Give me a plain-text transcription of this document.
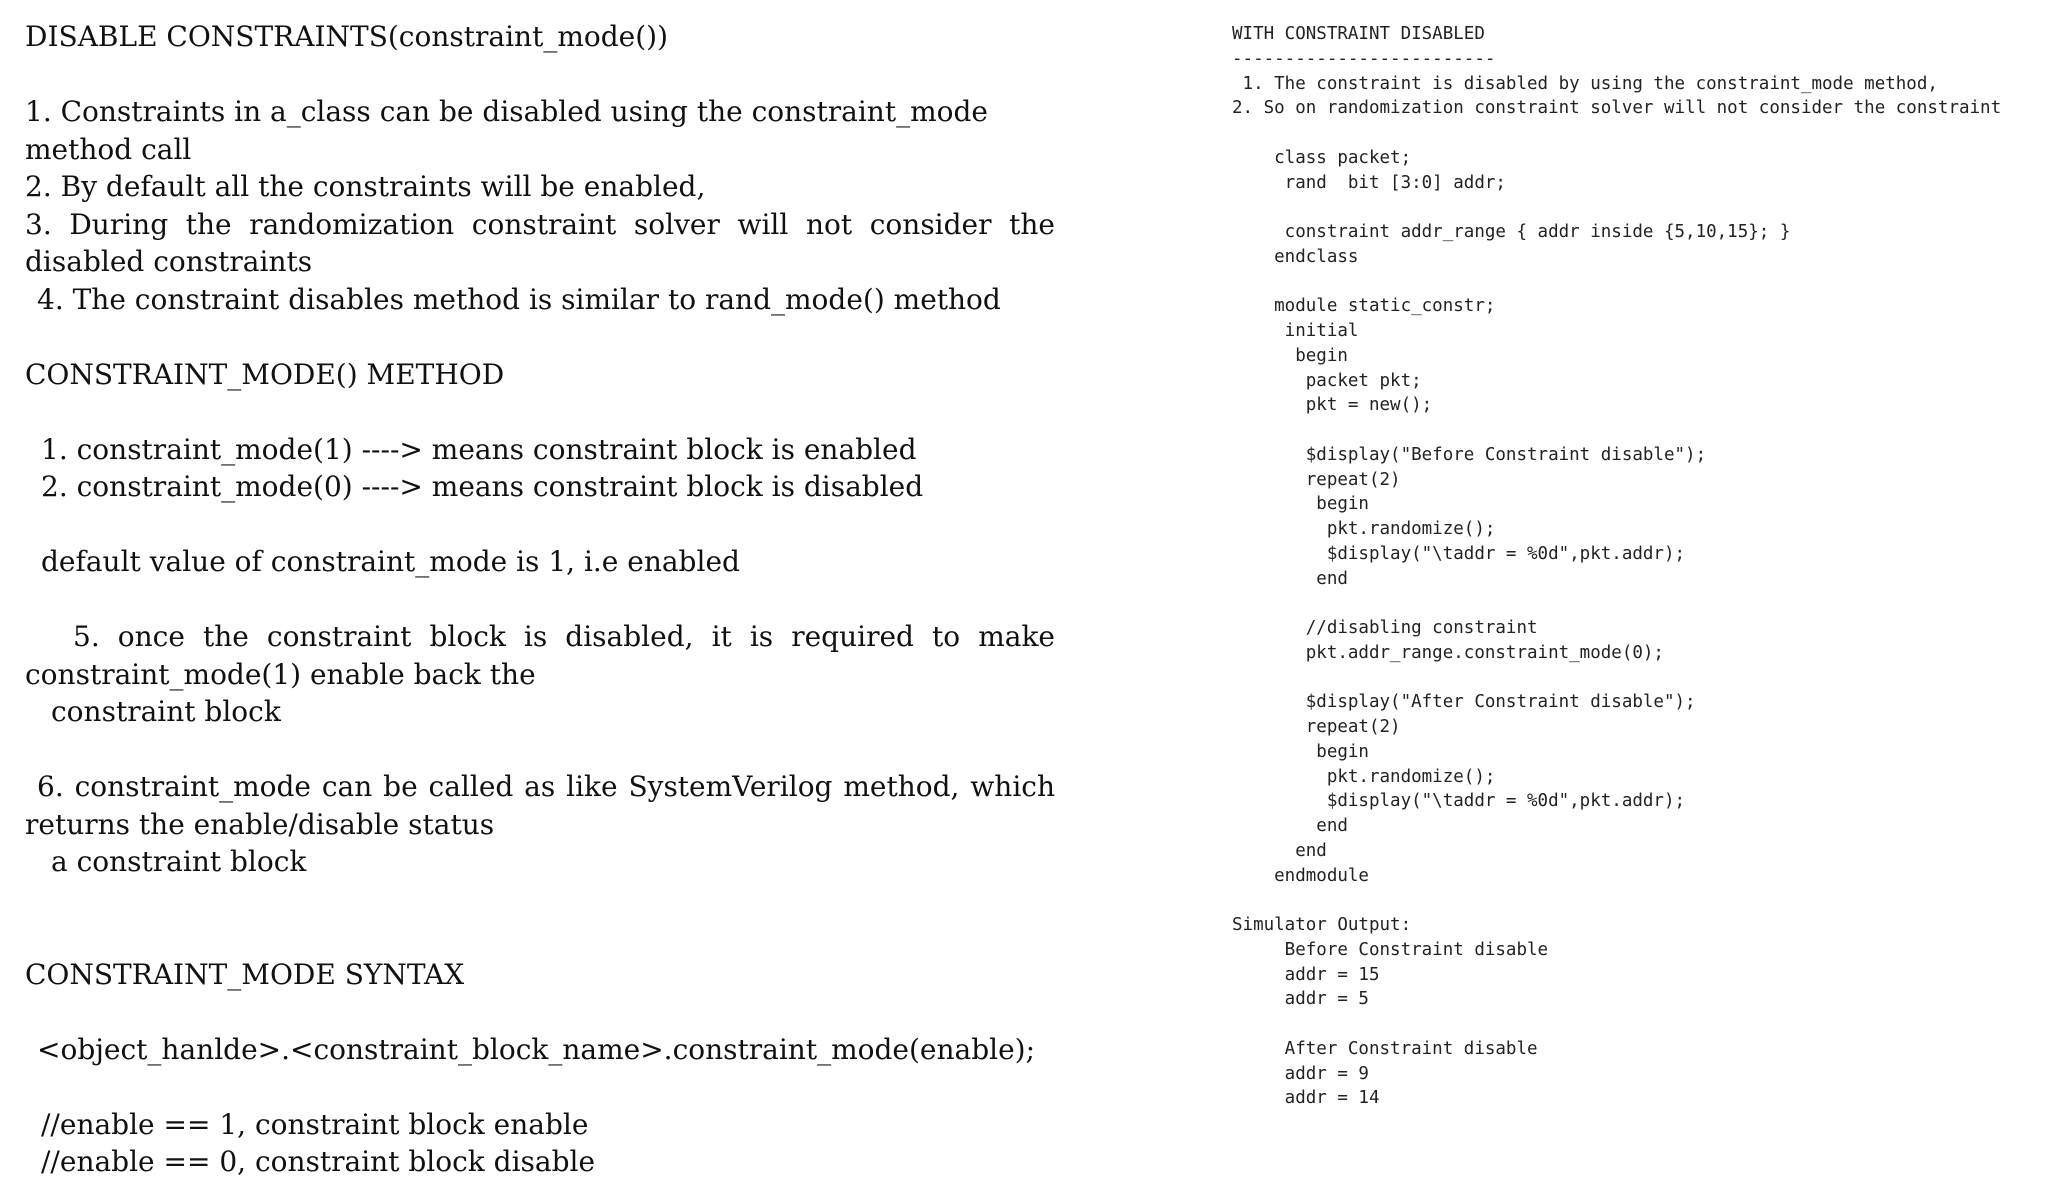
DISABLE CONSTRAINTS(constraint_mode())

1. Constraints in a_class can be disabled using the constraint_mode method call

2. By default all the constraints will be enabled,

3. During the randomization constraint solver will not consider the disabled constraints

4. The constraint disables method is similar to rand_mode() method

CONSTRAINT_MODE() METHOD

1. constraint_mode(1) ----> means constraint block is enabled

2. constraint_mode(0) ----> means constraint block is disabled

default value of constraint_mode is 1, i.e enabled

5. once the constraint block is disabled, it is required to make constraint_mode(1) enable back the

constraint block

6. constraint_mode can be called as like SystemVerilog method, which returns the enable/disable status

a constraint block

CONSTRAINT_MODE SYNTAX

<object_hanlde>.<constraint_block_name>.constraint_mode(enable);

//enable == 1, constraint block enable

//enable == 0, constraint block disable

WITH CONSTRAINT DISABLED
-------------------------
1. The constraint is disabled by using the constraint_mode method,
2. So on randomization constraint solver will not consider the constraint

class packet;
rand  bit [3:0] addr;

constraint addr_range { addr inside {5,10,15}; }
endclass

module static_constr;
initial
begin
packet pkt;
pkt = new();

$display("Before Constraint disable");
repeat(2)
begin
pkt.randomize();
$display("\taddr = %0d",pkt.addr);
end

//disabling constraint
pkt.addr_range.constraint_mode(0);

$display("After Constraint disable");
repeat(2)
begin
pkt.randomize();
$display("\taddr = %0d",pkt.addr);
end
end
endmodule

Simulator Output:
Before Constraint disable
addr = 15
addr = 5

After Constraint disable
addr = 9
addr = 14
